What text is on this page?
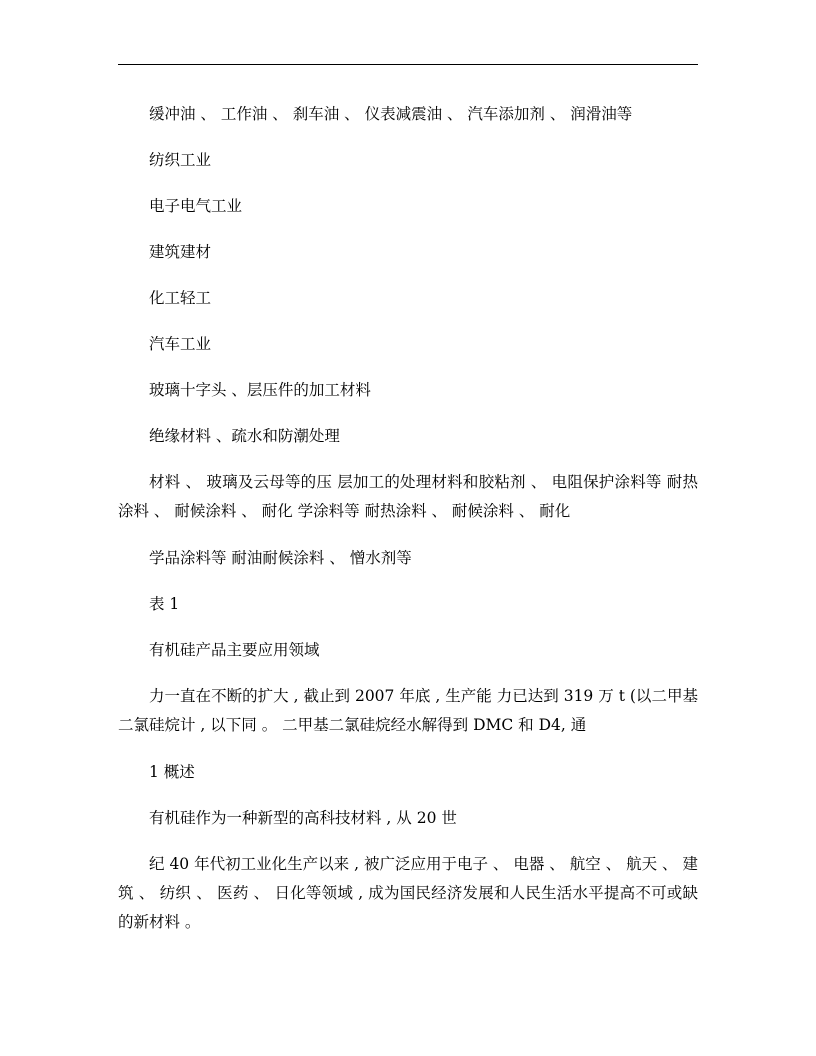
缓冲油 、 工作油 、 刹车油 、 仪表减震油 、 汽车添加剂 、 润滑油等

纺织工业

电子电气工业

建筑建材

化工轻工

汽车工业

玻璃十字头 、层压件的加工材料

绝缘材料 、疏水和防潮处理

材料 、 玻璃及云母等的压 层加工的处理材料和胶粘剂 、 电阻保护涂料等 耐热涂料 、 耐候涂料 、 耐化 学涂料等 耐热涂料 、 耐候涂料 、 耐化

学品涂料等 耐油耐候涂料 、 憎水剂等

表 1

有机硅产品主要应用领域

力一直在不断的扩大 , 截止到 2007 年底 , 生产能 力已达到 319 万 t (以二甲基二氯硅烷计 , 以下同 。 二甲基二氯硅烷经水解得到 DMC 和 D4, 通

1 概述

有机硅作为一种新型的高科技材料 , 从 20 世

纪 40 年代初工业化生产以来 , 被广泛应用于电子 、 电器 、 航空 、 航天 、 建筑 、 纺织 、 医药 、 日化等领域 , 成为国民经济发展和人民生活水平提高不可或缺的新材料 。
